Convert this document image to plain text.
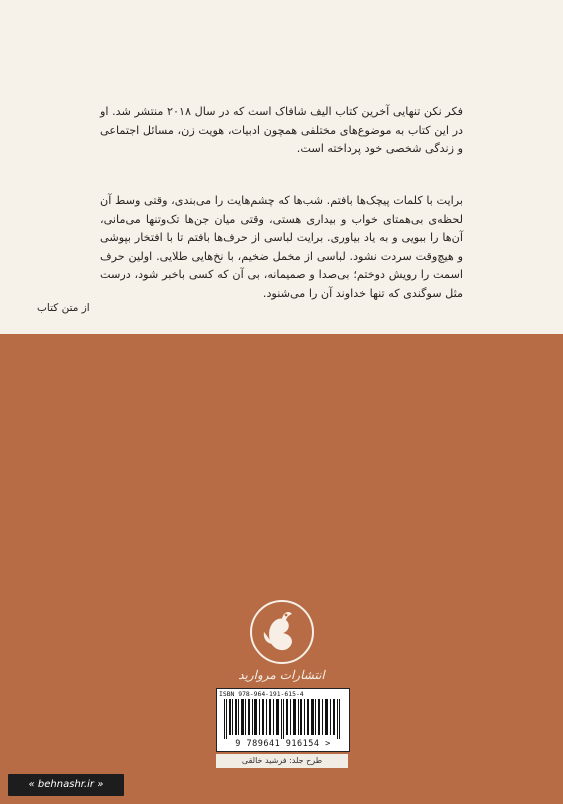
فکر نکن تنهایی آخرین کتاب الیف شافاک است که در سال ۲۰۱۸ منتشر شد. او در این کتاب به موضوع‌های مختلفی همچون ادبیات، هویت زن، مسائل اجتماعی و زندگی شخصی خود پرداخته است.

برایت با کلمات پیچک‌ها بافتم. شب‌ها که چشم‌هایت را می‌بندی، وقتی وسط آن لحظه‌ی بی‌همتای خواب و بیداری هستی، وقتی میان جن‌ها تک‌وتنها می‌مانی، آن‌ها را ببویی و به یاد بیاوری. برایت لباسی از حرف‌ها بافتم تا با افتخار بپوشی و هیچ‌وقت سردت نشود. لباسی از مخمل ضخیم، با نخ‌هایی طلایی. اولین حرف اسمت را رویش دوختم؛ بی‌صدا و صمیمانه، بی آن که کسی باخبر شود، درست مثل سوگندی که تنها خداوند آن را می‌شنود.

از متن کتاب
انتشارات مروارید
ISBN 978-964-191-615-4
9 789641 916154 >
طرح جلد: فرشید خالقی
« behnashr.ir »
